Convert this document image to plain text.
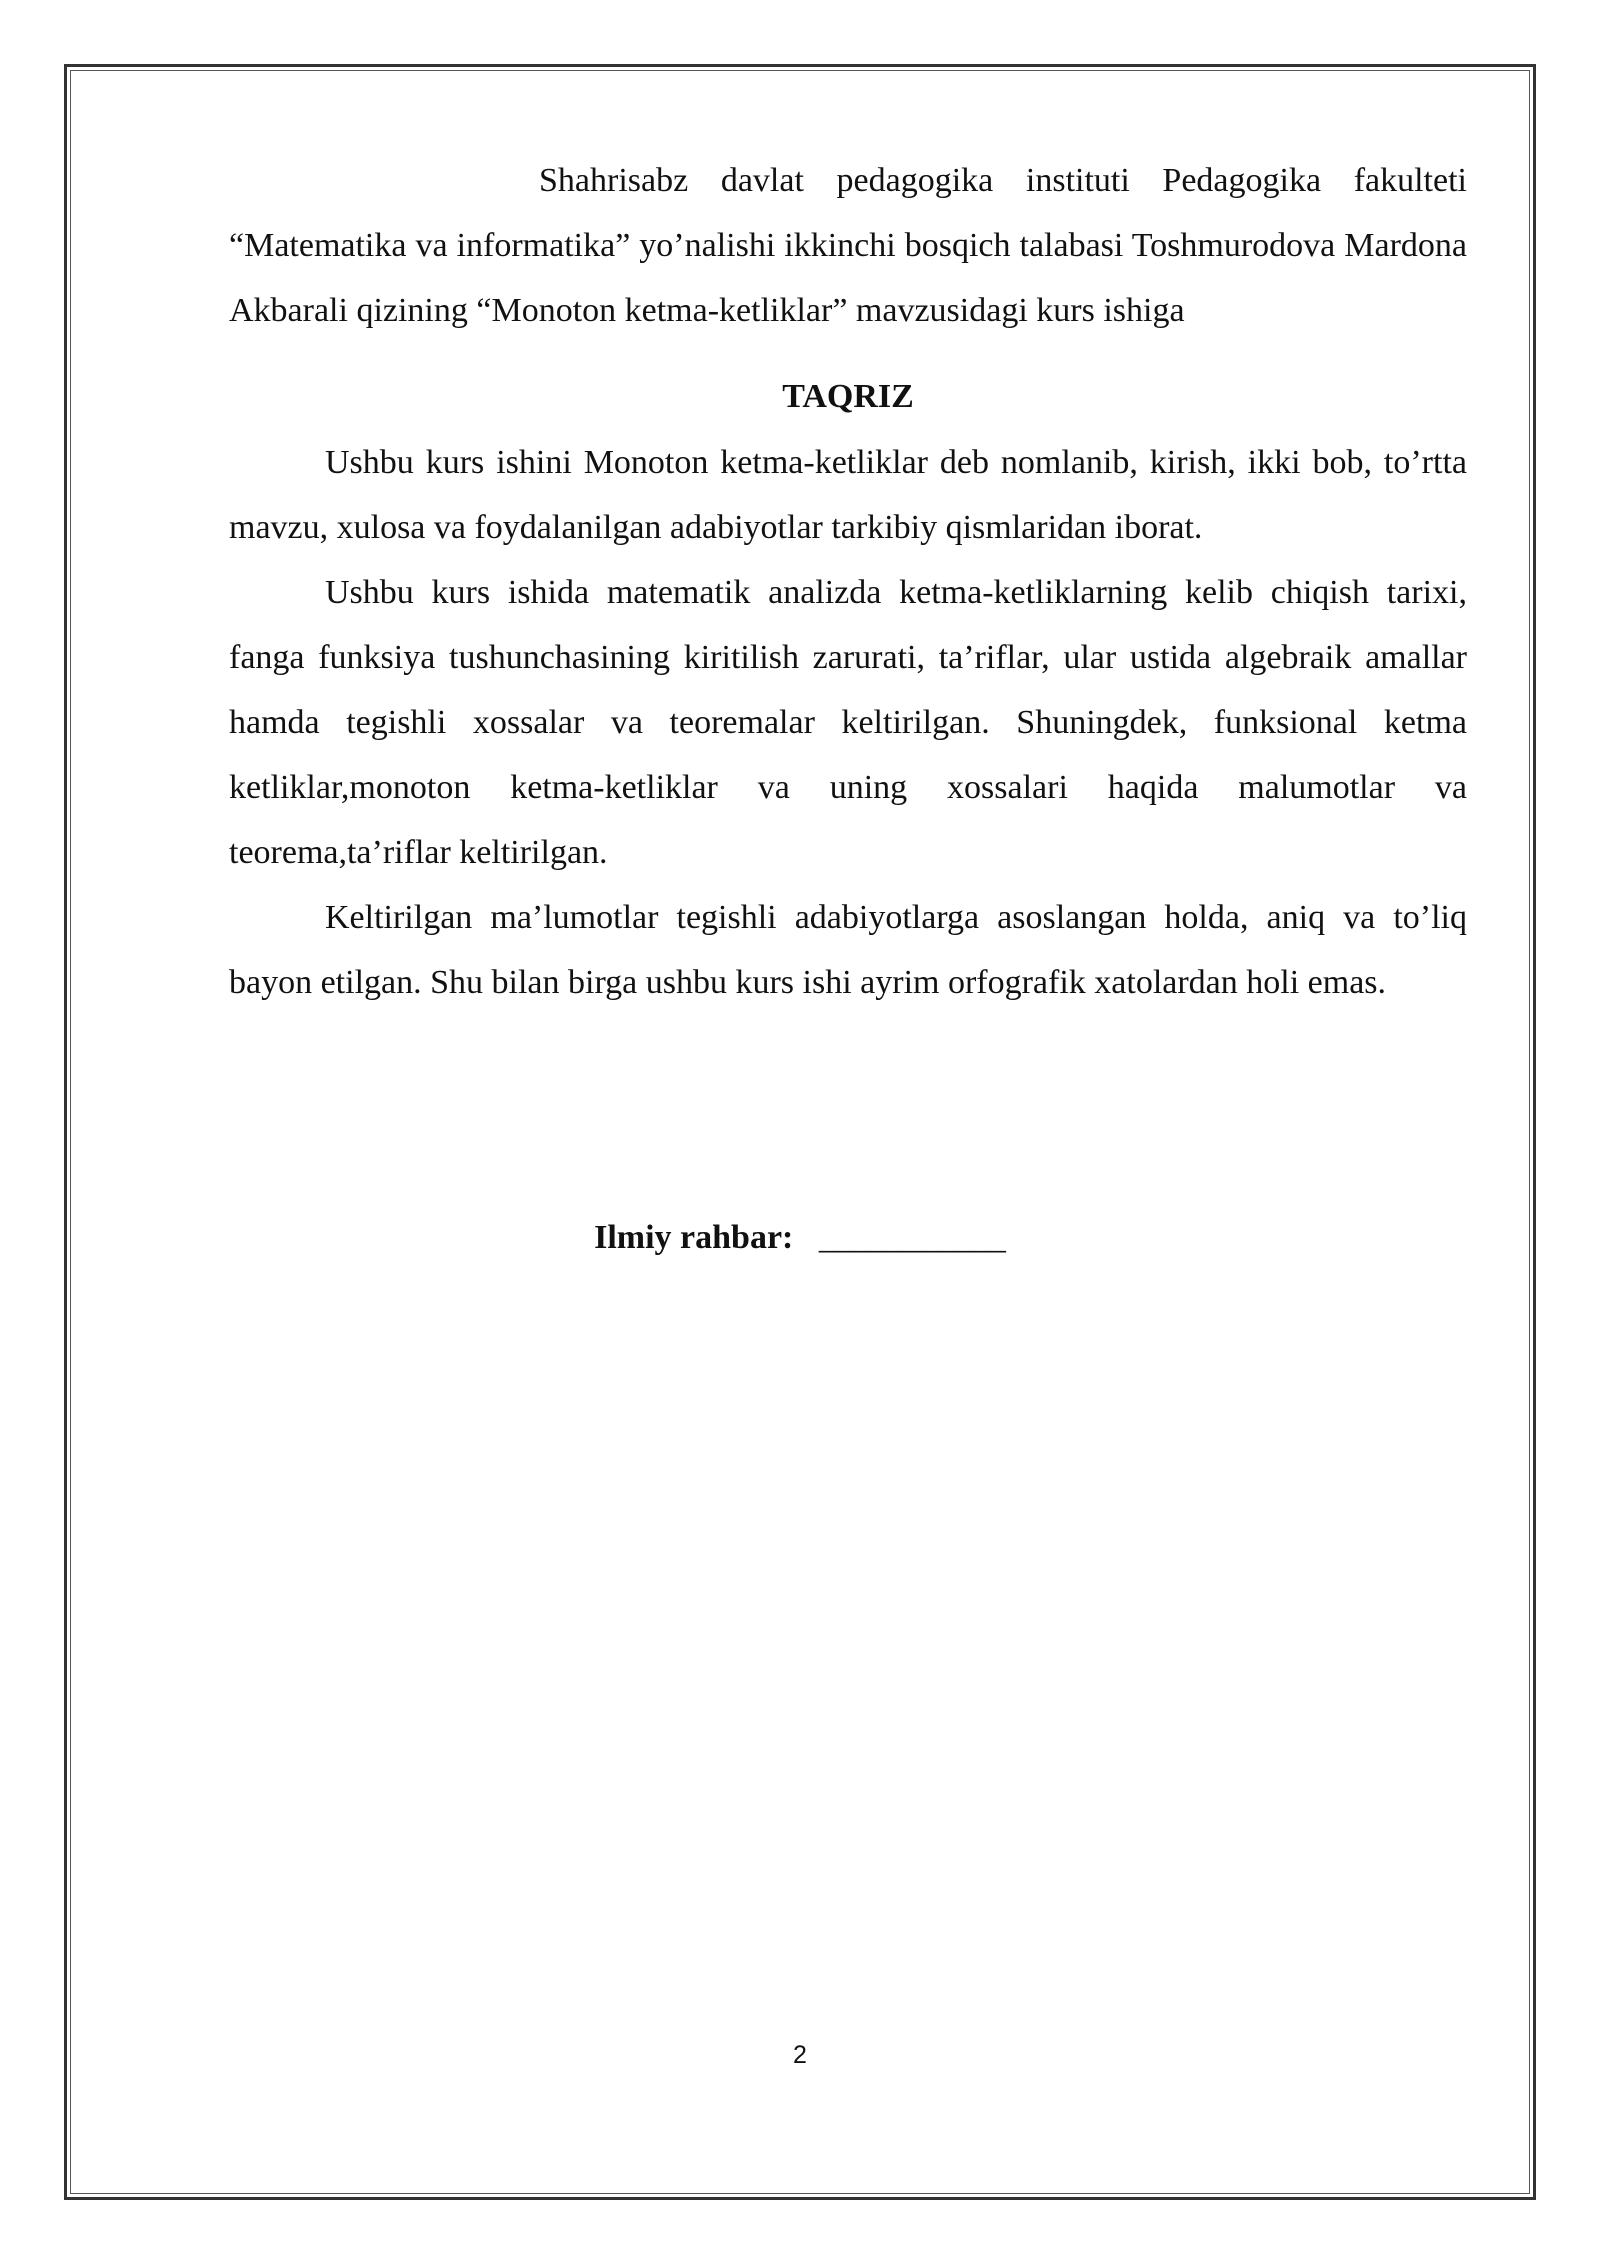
Shahrisabz davlat pedagogika instituti Pedagogika fakulteti “Matematika va informatika” yo’nalishi ikkinchi bosqich talabasi Toshmurodova Mardona Akbarali qizining “Monoton ketma-ketliklar” mavzusidagi kurs ishiga

TAQRIZ

Ushbu kurs ishini Monoton ketma-ketliklar deb nomlanib, kirish, ikki bob, to’rtta mavzu, xulosa va foydalanilgan adabiyotlar tarkibiy qismlaridan iborat.

Ushbu kurs ishida matematik analizda ketma-ketliklarning kelib chiqish tarixi, fanga funksiya tushunchasining kiritilish zarurati, ta’riflar, ular ustida algebraik amallar hamda tegishli xossalar va teoremalar keltirilgan. Shuningdek, funksional ketma ketliklar,monoton ketma-ketliklar va uning xossalari haqida malumotlar va teorema,ta’riflar keltirilgan.

Keltirilgan ma’lumotlar tegishli adabiyotlarga asoslangan holda, aniq va to’liq bayon etilgan. Shu bilan birga ushbu kurs ishi ayrim orfografik xatolardan holi emas.

Ilmiy rahbar: ___________
2
